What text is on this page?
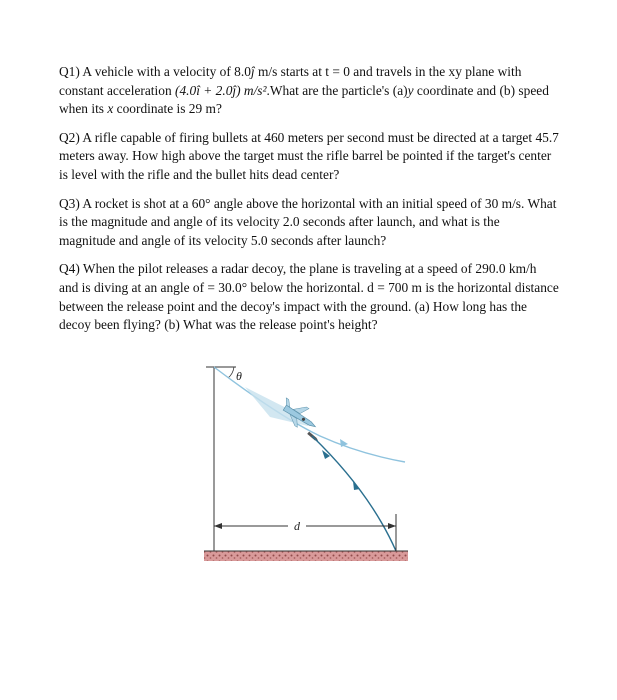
Q1) A vehicle with a velocity of 8.0ĵ m/s starts at t = 0 and travels in the xy plane with constant acceleration (4.0î + 2.0ĵ) m/s².What are the particle's (a)y coordinate and (b) speed when its x coordinate is 29 m?

Q2) A rifle capable of firing bullets at 460 meters per second must be directed at a target 45.7 meters away. How high above the target must the rifle barrel be pointed if the target's center is level with the rifle and the bullet hits dead center?

Q3) A rocket is shot at a 60° angle above the horizontal with an initial speed of 30 m/s. What is the magnitude and angle of its velocity 2.0 seconds after launch, and what is the magnitude and angle of its velocity 5.0 seconds after launch?

Q4) When the pilot releases a radar decoy, the plane is traveling at a speed of 290.0 km/h and is diving at an angle of = 30.0° below the horizontal. d = 700 m is the horizontal distance between the release point and the decoy's impact with the ground. (a) How long has the decoy been flying? (b) What was the release point's height?

θ
d
